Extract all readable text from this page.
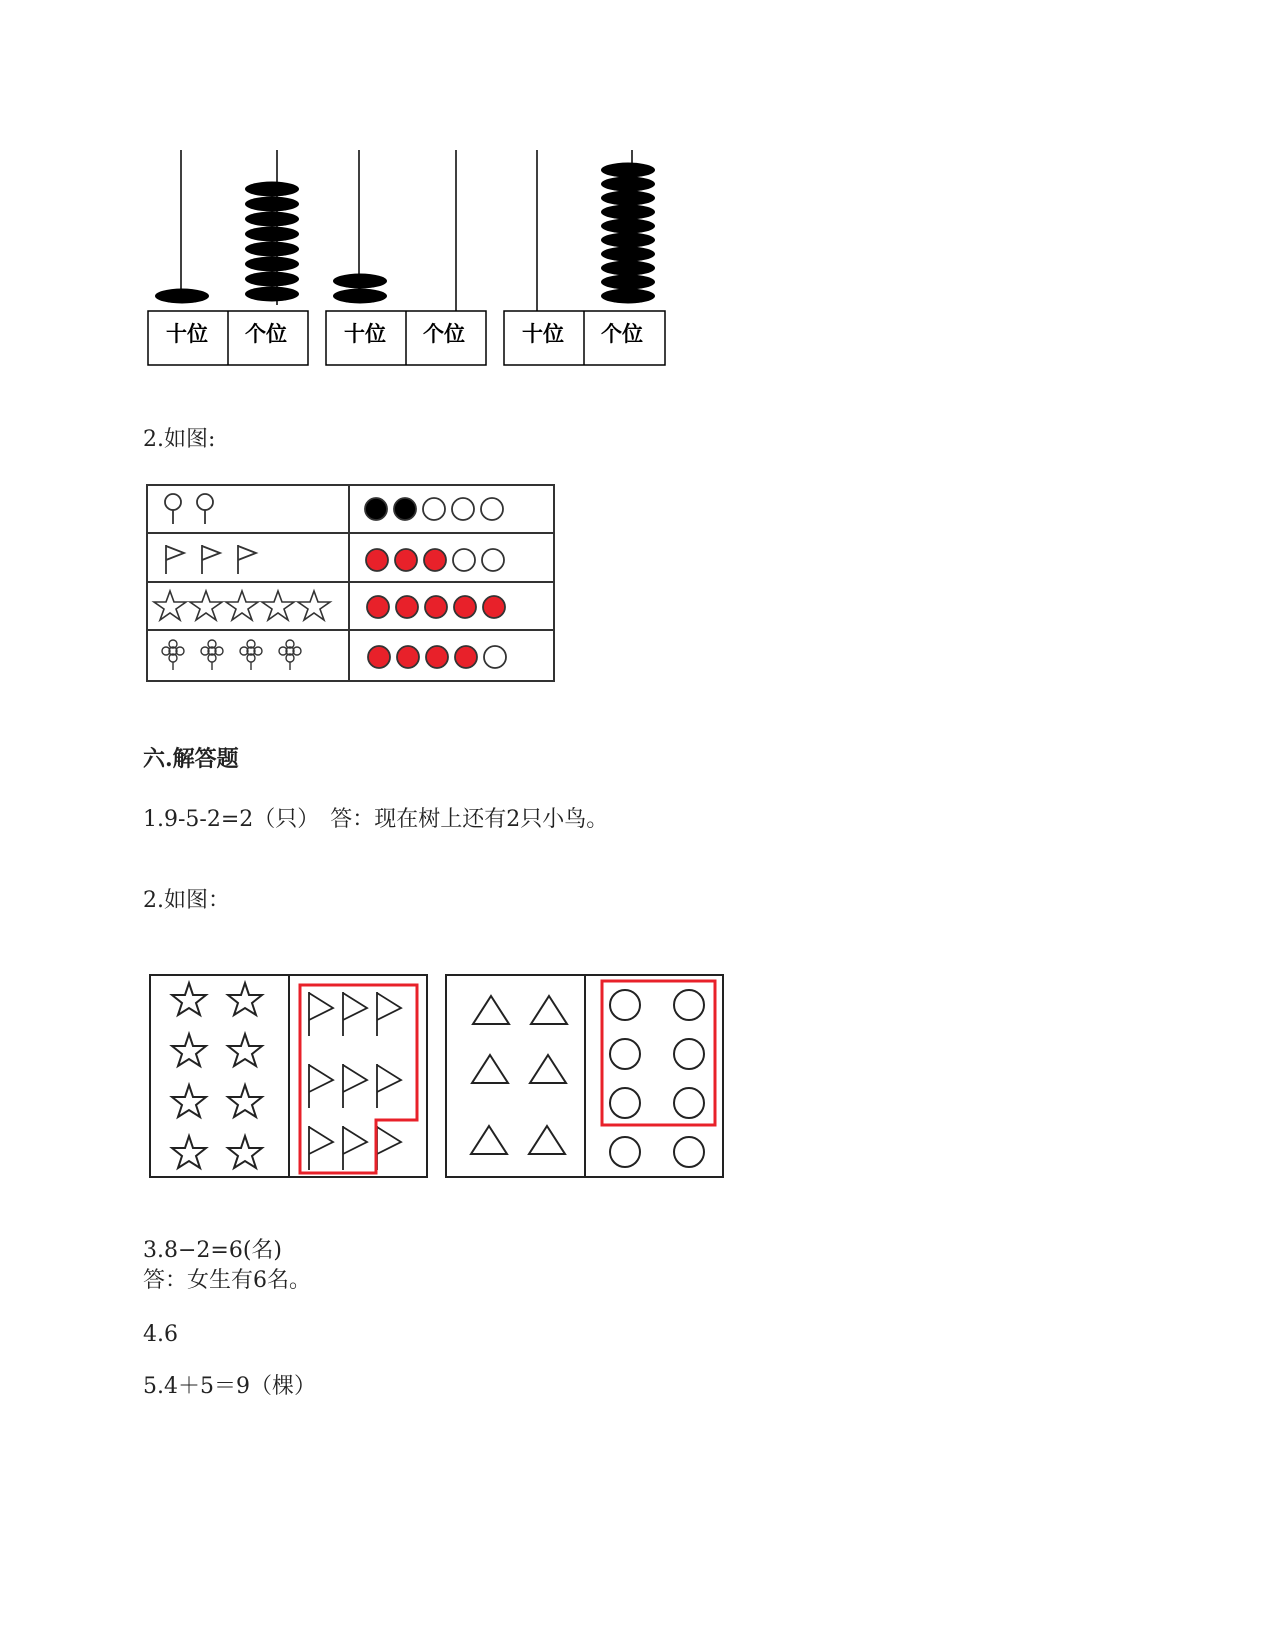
十位 个位	十位 个位	十位 个位
2.如图:
六.解答题
1.9-5-2=2（只）　答：现在树上还有2只小鸟。
2.如图：
3.8−2=6(名)
答：女生有6名。
4.6
5.4＋5＝9（棵）
